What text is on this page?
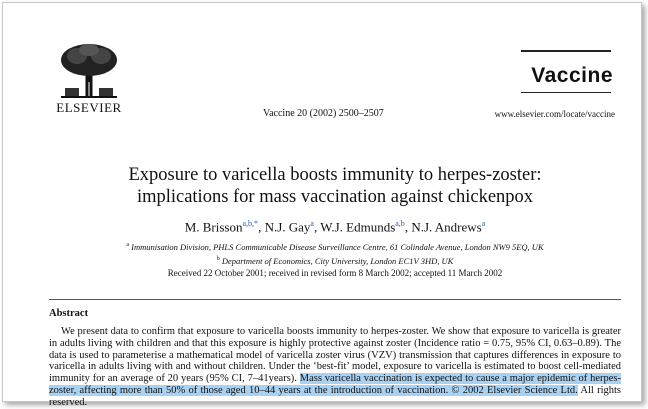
ELSEVIER	Vaccine 20 (2002) 2500–2507
Vaccine
www.elsevier.com/locate/vaccine
Exposure to varicella boosts immunity to herpes-zoster:
implications for mass vaccination against chickenpox
M. Brisson$^{a,b,*}$, N.J. Gay$^a$, W.J. Edmunds$^{a,b}$, N.J. Andrews$^a$
$^a$ Immunisation Division, PHLS Communicable Disease Surveillance Centre, 61 Colindale Avenue, London NW9 5EQ, UK
$^b$ Department of Economics, City University, London EC1V 3HD, UK
Received 22 October 2001; received in revised form 8 March 2002; accepted 11 March 2002
Abstract
We present data to confirm that exposure to varicella boosts immunity to herpes-zoster. We show that exposure to varicella is greater in adults living with children and that this exposure is highly protective against zoster (Incidence ratio = 0.75, 95% CI, 0.63–0.89). The data is used to parameterise a mathematical model of varicella zoster virus (VZV) transmission that captures differences in exposure to varicella in adults living with and without children. Under the ‘best-fit’ model, exposure to varicella is estimated to boost cell-mediated immunity for an average of 20 years (95% CI, 7–41years). Mass varicella vaccination is expected to cause a major epidemic of herpes-zoster, affecting more than 50% of those aged 10–44 years at the introduction of vaccination. © 2002 Elsevier Science Ltd. All rights reserved.
